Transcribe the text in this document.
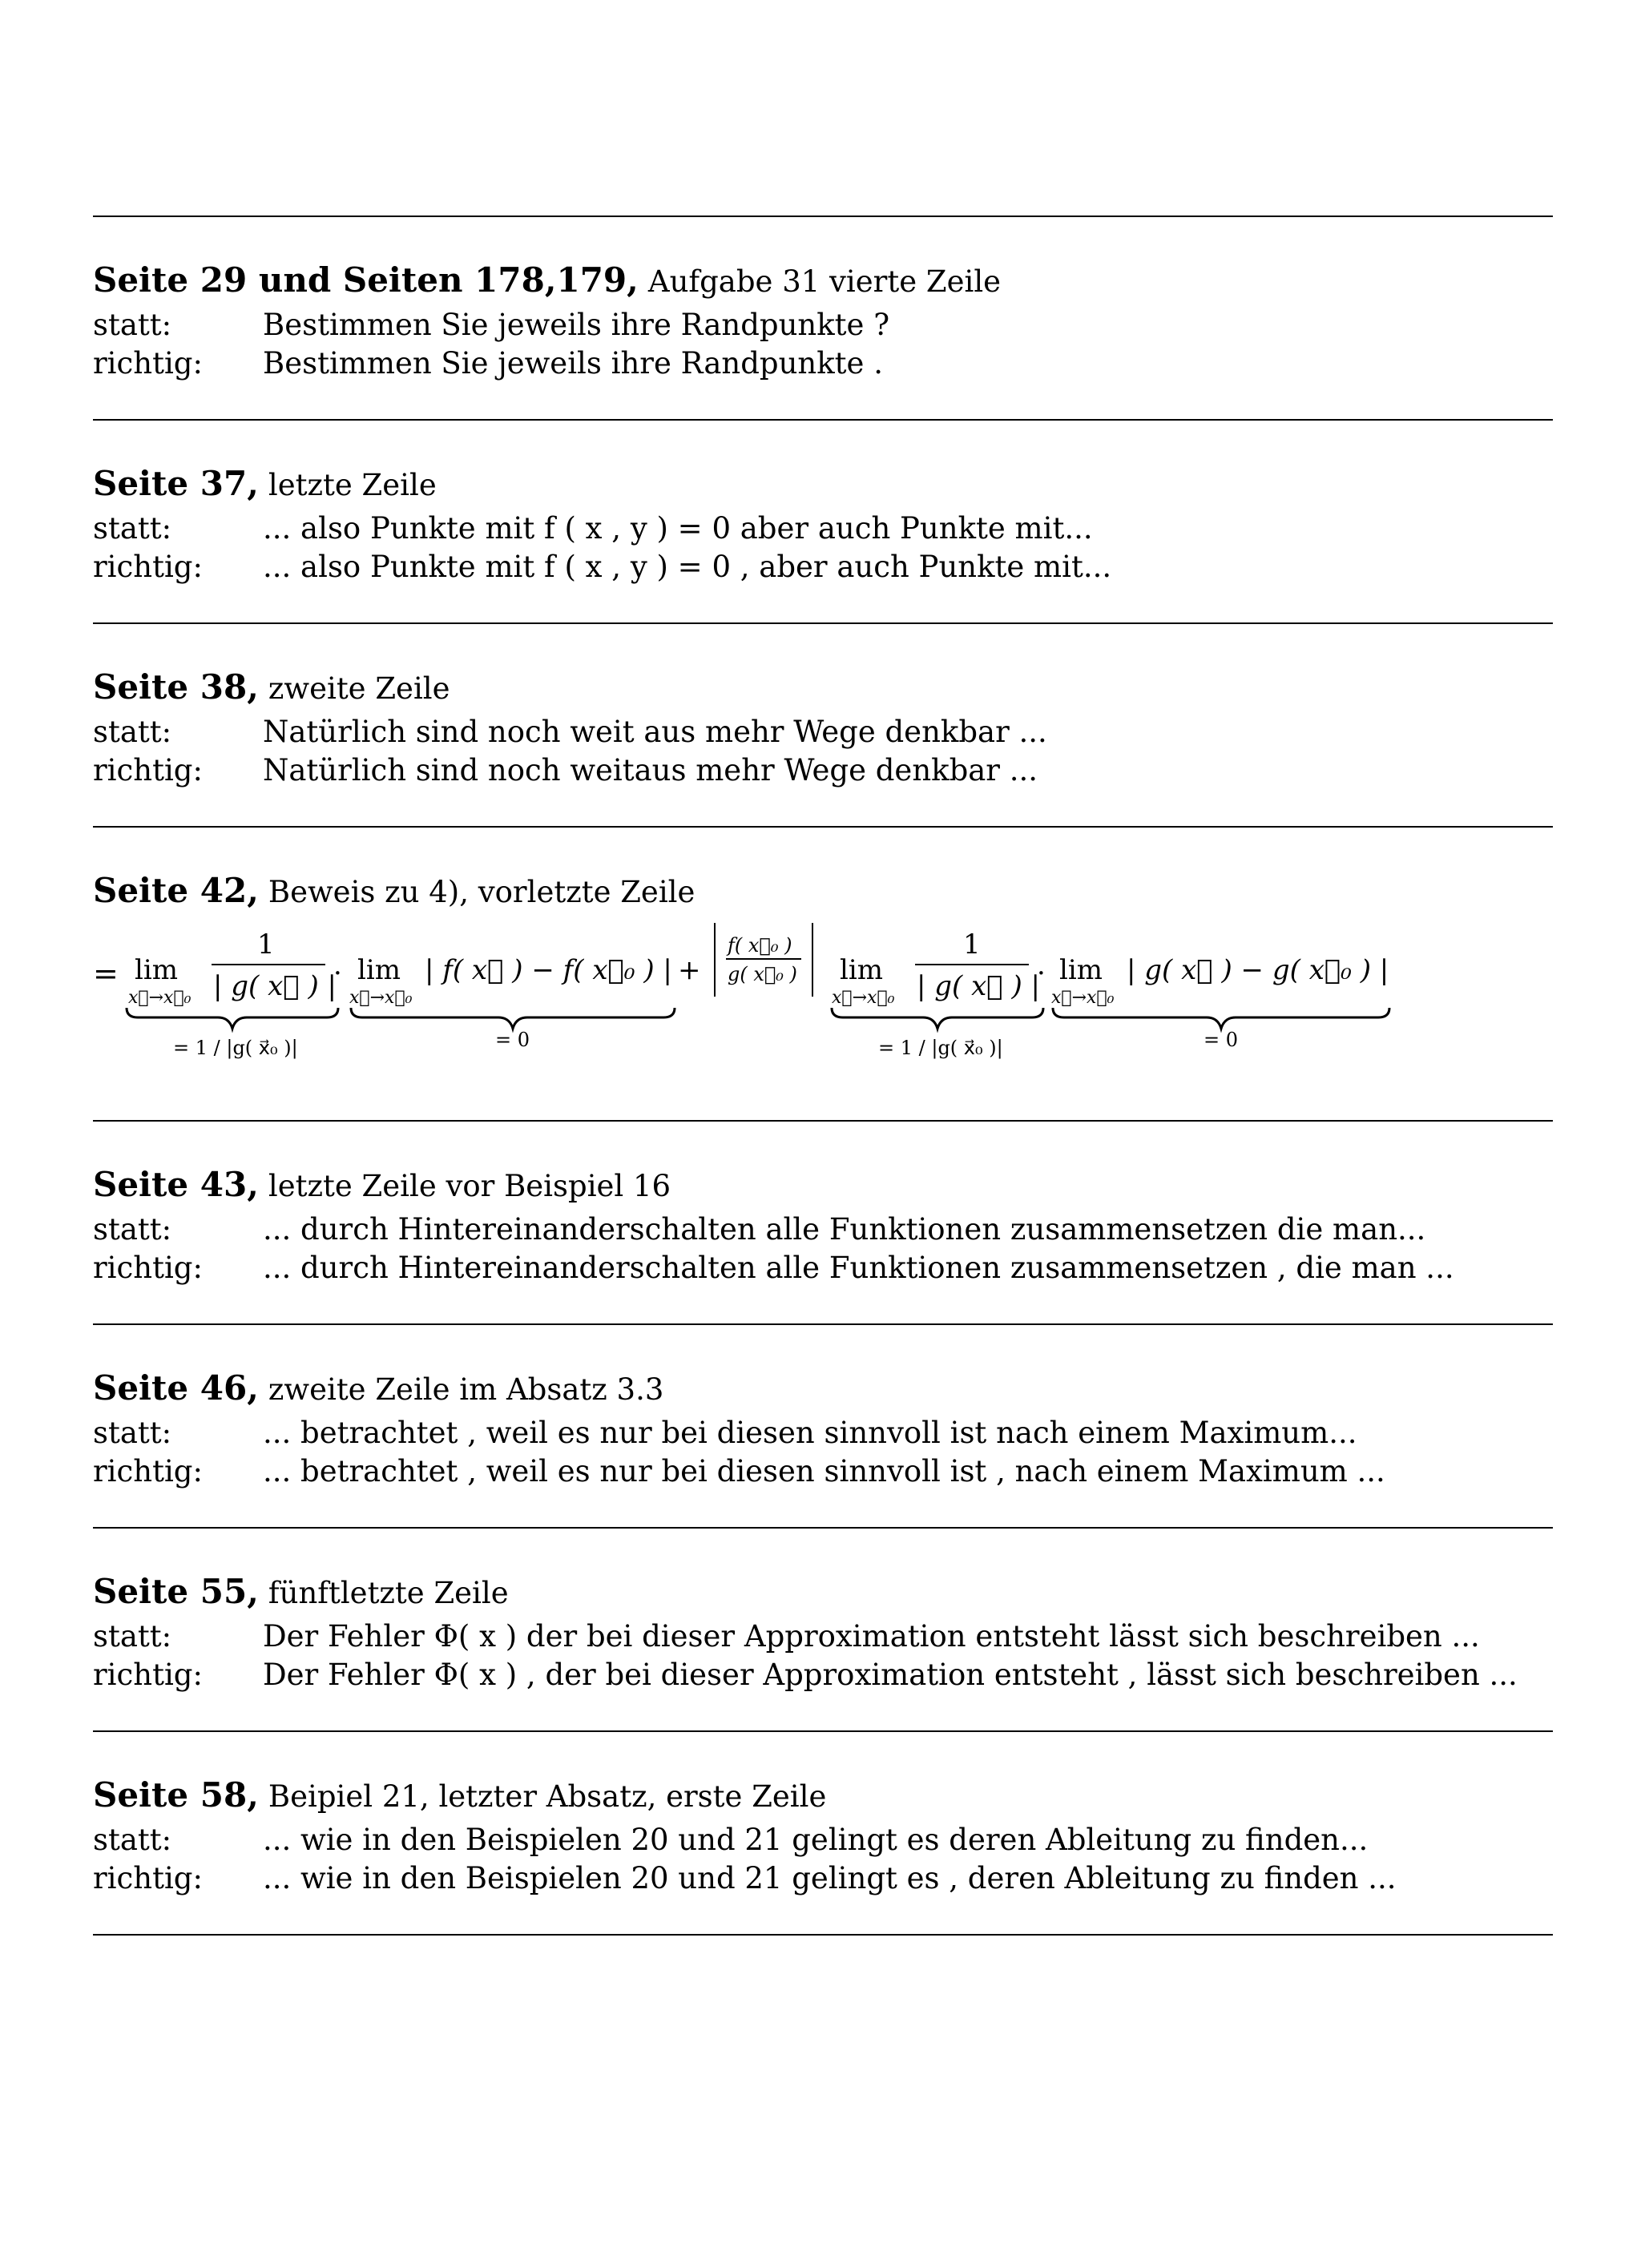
Seite 29 und Seiten 178,179, Aufgabe 31 vierte Zeile
statt:	Bestimmen Sie jeweils ihre Randpunkte ?
richtig: Bestimmen Sie jeweils ihre Randpunkte .
Seite 37, letzte Zeile
statt:	... also Punkte mit f ( x , y ) = 0 aber auch Punkte mit...
richtig: ... also Punkte mit f ( x , y ) = 0 , aber auch Punkte mit...
Seite 38, zweite Zeile
statt:	Natürlich sind noch weit aus mehr Wege denkbar ...
richtig: Natürlich sind noch weitaus mehr Wege denkbar ...
Seite 42, Beweis zu 4), vorletzte Zeile
= lim
x⃗→x⃗₀
1
| g( x⃗ ) |
= 1 / |g( x⃗₀ )|
· lim
x⃗→x⃗₀
| f( x⃗ ) − f( x⃗₀ ) |
= 0
+
f( x⃗₀ )
g( x⃗₀ ) lim
x⃗→x⃗₀
1
| g( x⃗ ) |
= 1 / |g( x⃗₀ )|
· lim
x⃗→x⃗₀
| g( x⃗ ) − g( x⃗₀ ) |
= 0
Seite 43, letzte Zeile vor Beispiel 16
statt:	... durch Hintereinanderschalten alle Funktionen zusammensetzen die man...
richtig: ... durch Hintereinanderschalten alle Funktionen zusammensetzen , die man ...
Seite 46, zweite Zeile im Absatz 3.3
statt:	... betrachtet , weil es nur bei diesen sinnvoll ist nach einem Maximum...
richtig: ... betrachtet , weil es nur bei diesen sinnvoll ist , nach einem Maximum ...
Seite 55, fünftletzte Zeile
statt:	Der Fehler Φ( x ) der bei dieser Approximation entsteht lässt sich beschreiben ...
richtig: Der Fehler Φ( x ) , der bei dieser Approximation entsteht , lässt sich beschreiben ...
Seite 58, Beipiel 21, letzter Absatz, erste Zeile
statt:	... wie in den Beispielen 20 und 21 gelingt es deren Ableitung zu finden...
richtig: ... wie in den Beispielen 20 und 21 gelingt es , deren Ableitung zu finden ...
